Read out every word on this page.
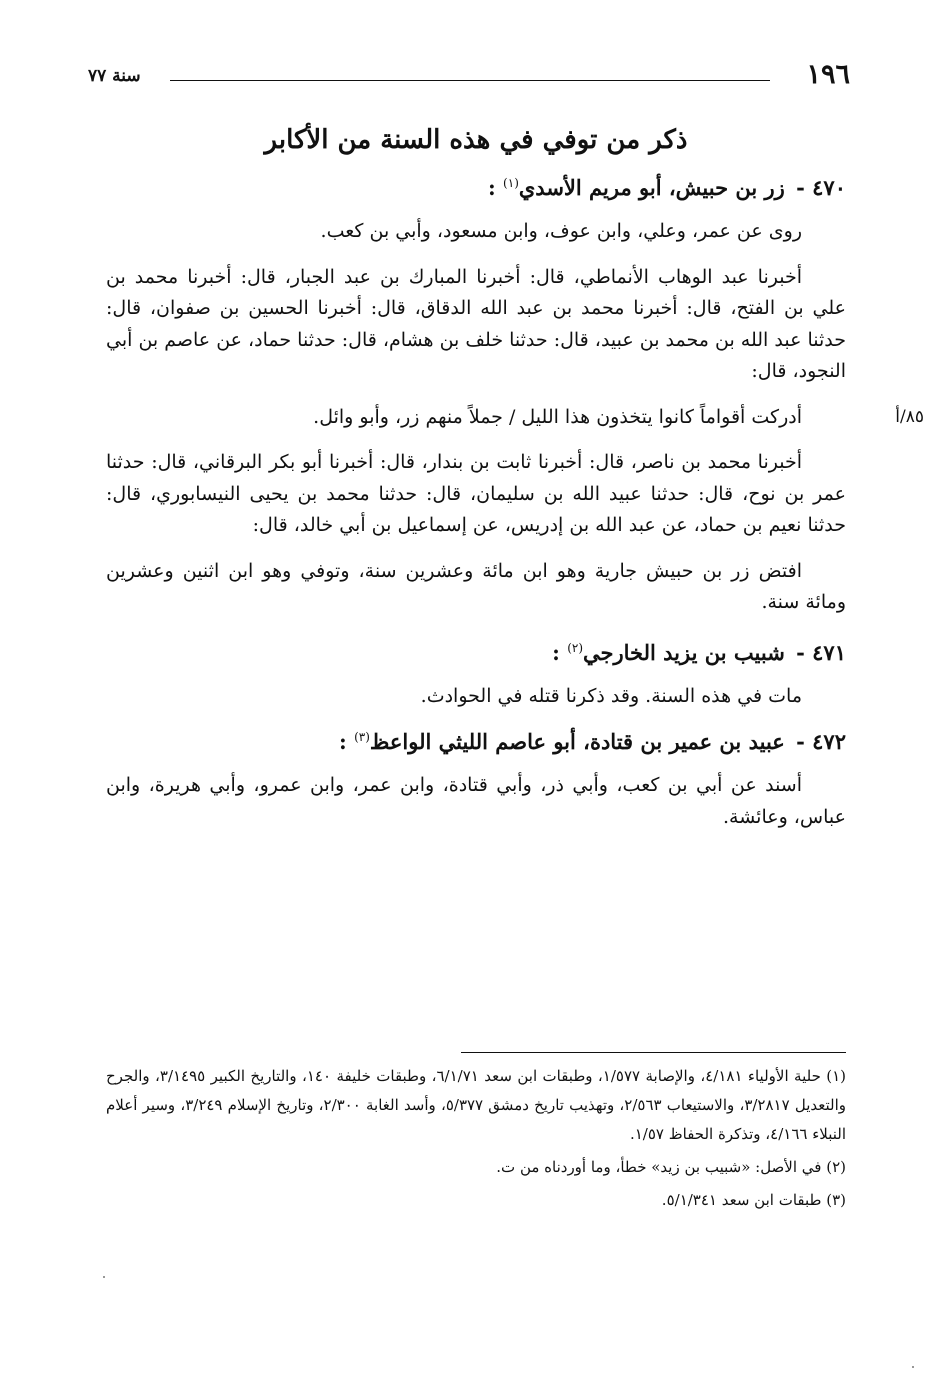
١٩٦
سنة ٧٧
ذكر من توفي في هذه السنة من الأكابر
٤٧٠ - زر بن حبيش، أبو مريم الأسدي$^{(١)}$ :

روى عن عمر، وعلي، وابن عوف، وابن مسعود، وأبي بن كعب.

أخبرنا عبد الوهاب الأنماطي، قال: أخبرنا المبارك بن عبد الجبار، قال: أخبرنا محمد بن علي بن الفتح، قال: أخبرنا محمد بن عبد الله الدقاق، قال: أخبرنا الحسين بن صفوان، قال: حدثنا عبد الله بن محمد بن عبيد، قال: حدثنا خلف بن هشام، قال: حدثنا حماد، عن عاصم بن أبي النجود، قال:

٨٥/أ

أدركت أقواماً كانوا يتخذون هذا الليل / جملاً منهم زر، وأبو وائل.

أخبرنا محمد بن ناصر، قال: أخبرنا ثابت بن بندار، قال: أخبرنا أبو بكر البرقاني، قال: حدثنا عمر بن نوح، قال: حدثنا عبيد الله بن سليمان، قال: حدثنا محمد بن يحيى النيسابوري، قال: حدثنا نعيم بن حماد، عن عبد الله بن إدريس، عن إسماعيل بن أبي خالد، قال:

افتض زر بن حبيش جارية وهو ابن مائة وعشرين سنة، وتوفي وهو ابن اثنين وعشرين ومائة سنة.

٤٧١ - شبيب بن يزيد الخارجي$^{(٢)}$ :

مات في هذه السنة. وقد ذكرنا قتله في الحوادث.

٤٧٢ - عبيد بن عمير بن قتادة، أبو عاصم الليثي الواعظ$^{(٣)}$ :

أسند عن أبي بن كعب، وأبي ذر، وأبي قتادة، وابن عمر، وابن عمرو، وأبي هريرة، وابن عباس، وعائشة.

(١) حلية الأولياء ٤/١٨١، والإصابة ١/٥٧٧، وطبقات ابن سعد ٦/١/٧١، وطبقات خليفة ١٤٠، والتاريخ الكبير ٣/١٤٩٥، والجرح والتعديل ٣/٢٨١٧، والاستيعاب ٢/٥٦٣، وتهذيب تاريخ دمشق ٥/٣٧٧، وأسد الغابة ٢/٣٠٠، وتاريخ الإسلام ٣/٢٤٩، وسير أعلام النبلاء ٤/١٦٦، وتذكرة الحفاظ ١/٥٧.

(٢) في الأصل: «شبيب بن زيد» خطأ، وما أوردناه من ت.

(٣) طبقات ابن سعد ٥/١/٣٤١.
